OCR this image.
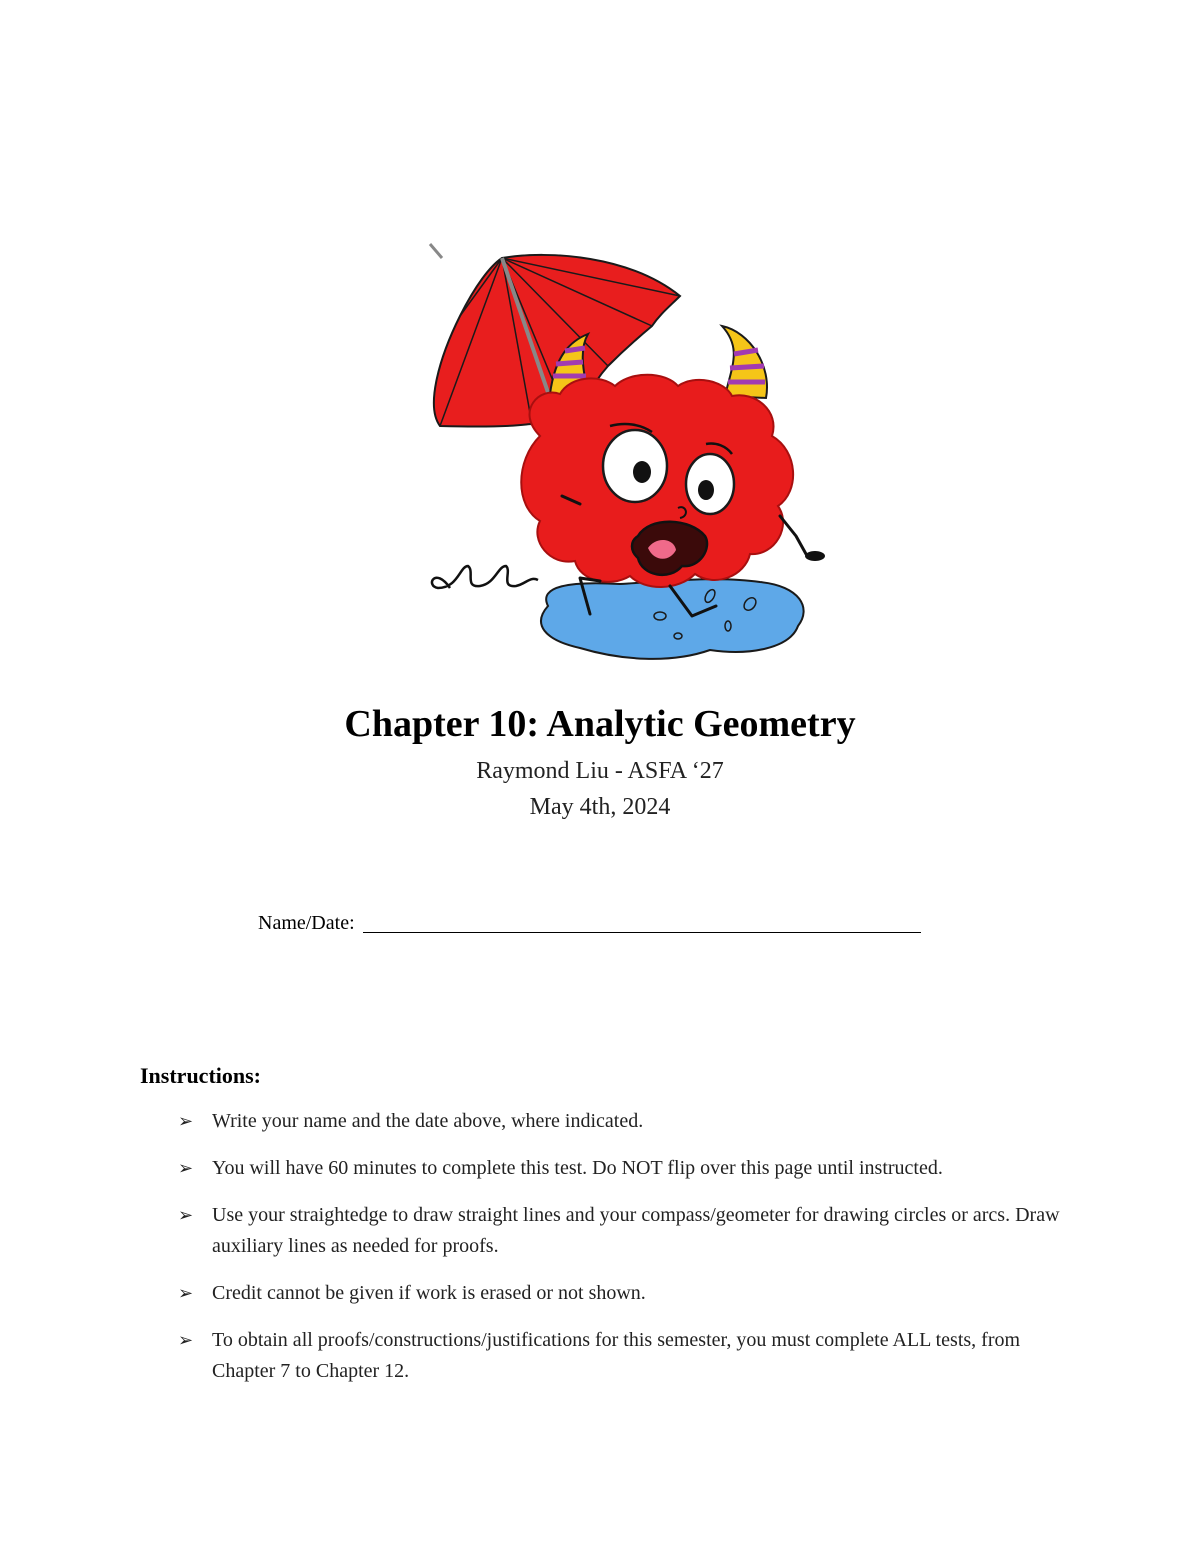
Chapter 10: Analytic Geometry
Raymond Liu - ASFA ‘27
May 4th, 2024
Name/Date:
Instructions:
➢ Write your name and the date above, where indicated.
➢ You will have 60 minutes to complete this test. Do NOT flip over this page until instructed.
➢ Use your straightedge to draw straight lines and your compass/geometer for drawing circles or arcs. Draw auxiliary lines as needed for proofs.
➢ Credit cannot be given if work is erased or not shown.
➢ To obtain all proofs/constructions/justifications for this semester, you must complete ALL tests, from Chapter 7 to Chapter 12.
